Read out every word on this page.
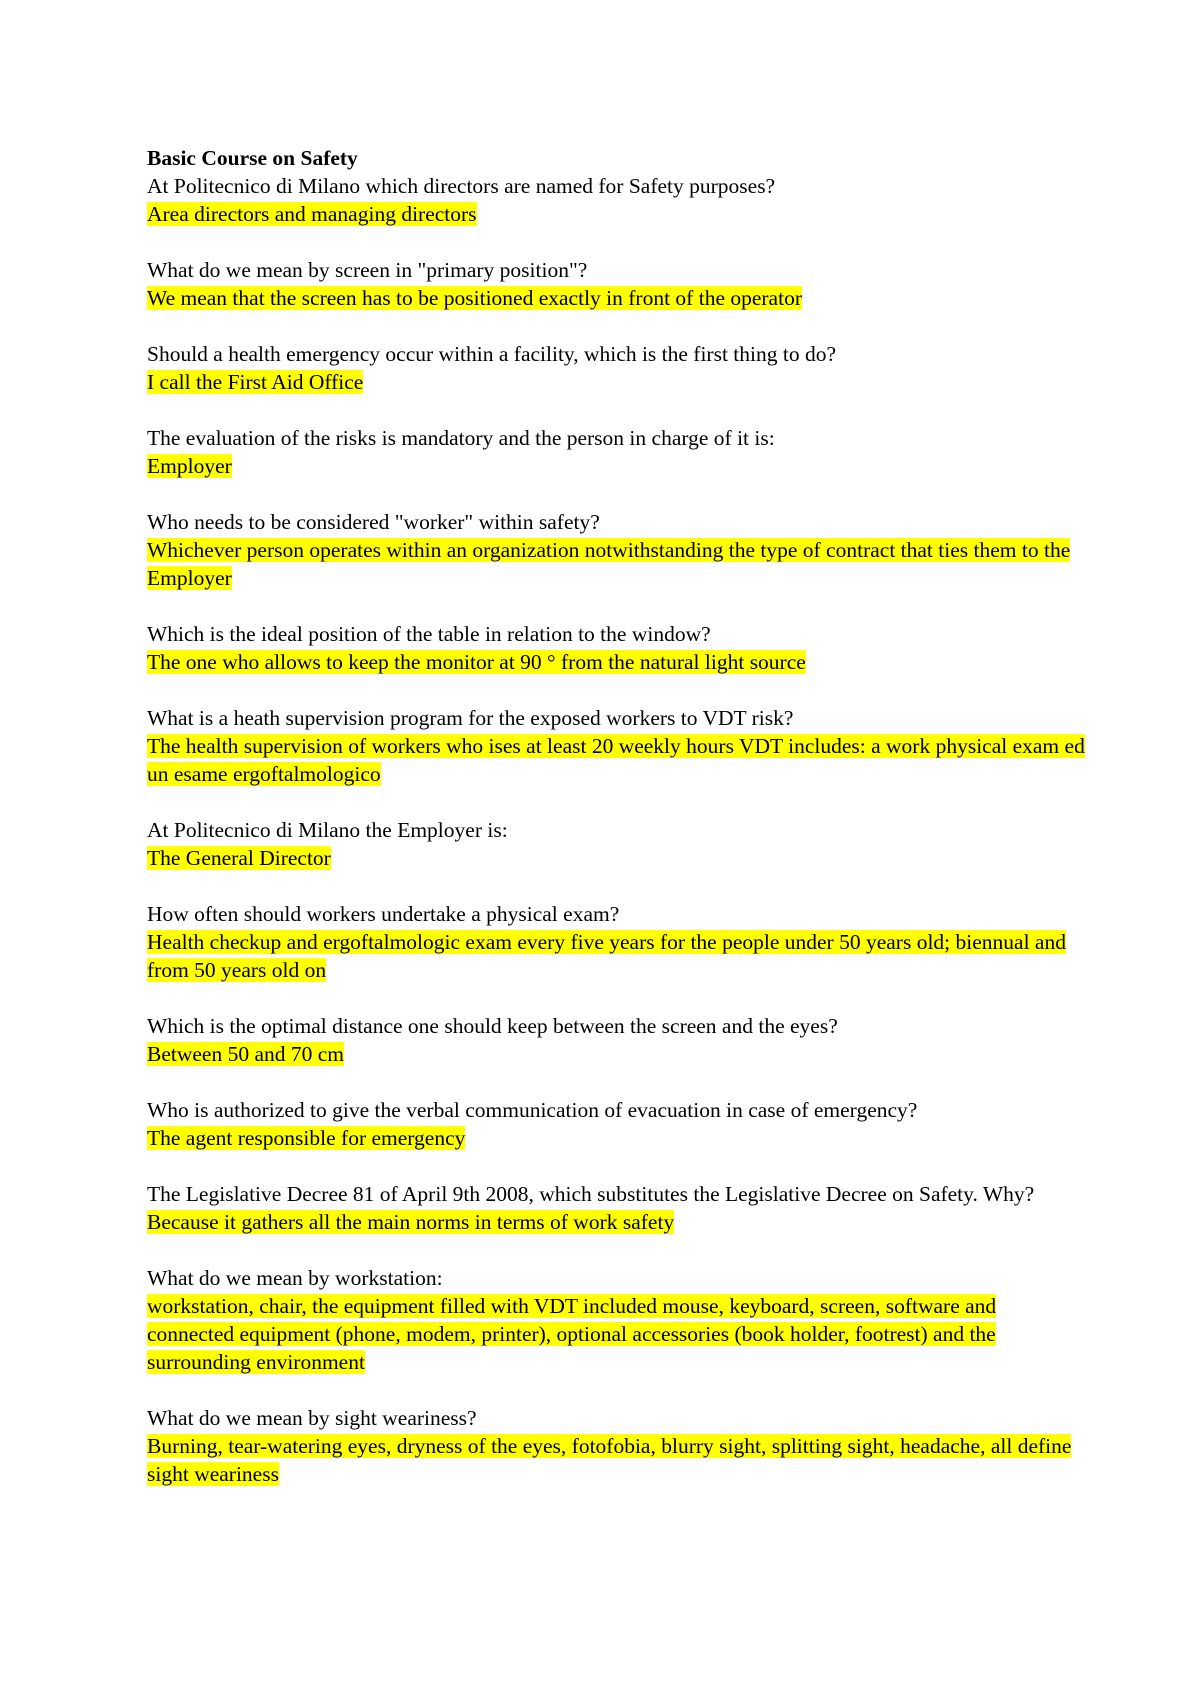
Basic Course on Safety

At Politecnico di Milano which directors are named for Safety purposes?
Area directors and managing directors
What do we mean by screen in "primary position"?
We mean that the screen has to be positioned exactly in front of the operator
Should a health emergency occur within a facility, which is the first thing to do?
I call the First Aid Office
The evaluation of the risks is mandatory and the person in charge of it is:
Employer
Who needs to be considered "worker" within safety?
Whichever person operates within an organization notwithstanding the type of contract that ties them to the Employer
Which is the ideal position of the table in relation to the window?
The one who allows to keep the monitor at 90 ° from the natural light source
What is a heath supervision program for the exposed workers to VDT risk?
The health supervision of workers who ises at least 20 weekly hours VDT includes: a work physical exam ed un esame ergoftalmologico
At Politecnico di Milano the Employer is:
The General Director
How often should workers undertake a physical exam?
Health checkup and ergoftalmologic exam every five years for the people under 50 years old; biennual and from 50 years old on
Which is the optimal distance one should keep between the screen and the eyes?
Between 50 and 70 cm
Who is authorized to give the verbal communication of evacuation in case of emergency?
The agent responsible for emergency
The Legislative Decree 81 of April 9th 2008, which substitutes the Legislative Decree on Safety. Why?
Because it gathers all the main norms in terms of work safety
What do we mean by workstation:
workstation, chair, the equipment filled with VDT included mouse, keyboard, screen, software and connected equipment (phone, modem, printer), optional accessories (book holder, footrest) and the surrounding environment
What do we mean by sight weariness?
Burning, tear-watering eyes, dryness of the eyes, fotofobia, blurry sight, splitting sight, headache, all define sight weariness
